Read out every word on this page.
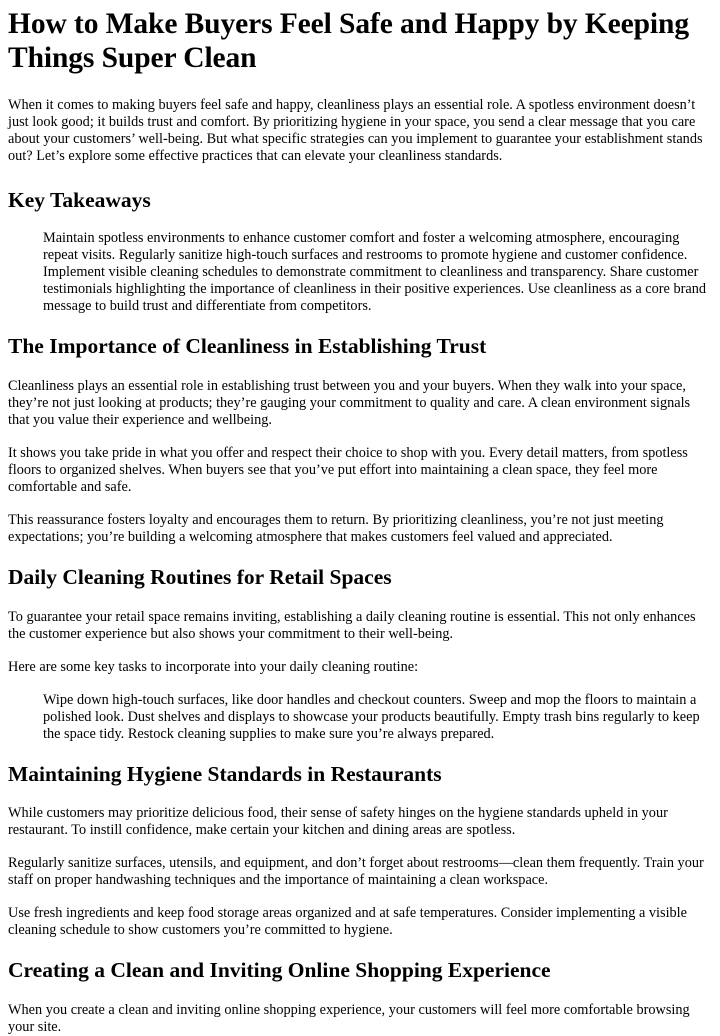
How to Make Buyers Feel Safe and Happy by Keeping Things Super Clean

When it comes to making buyers feel safe and happy, cleanliness plays an essential role. A spotless environment doesn’t just look good; it builds trust and comfort. By prioritizing hygiene in your space, you send a clear message that you care about your customers’ well-being. But what specific strategies can you implement to guarantee your establishment stands out? Let’s explore some effective practices that can elevate your cleanliness standards.

Key Takeaways

Maintain spotless environments to enhance customer comfort and foster a welcoming atmosphere, encouraging repeat visits. Regularly sanitize high-touch surfaces and restrooms to promote hygiene and customer confidence. Implement visible cleaning schedules to demonstrate commitment to cleanliness and transparency. Share customer testimonials highlighting the importance of cleanliness in their positive experiences. Use cleanliness as a core brand message to build trust and differentiate from competitors.

The Importance of Cleanliness in Establishing Trust

Cleanliness plays an essential role in establishing trust between you and your buyers. When they walk into your space, they’re not just looking at products; they’re gauging your commitment to quality and care. A clean environment signals that you value their experience and wellbeing.

It shows you take pride in what you offer and respect their choice to shop with you. Every detail matters, from spotless floors to organized shelves. When buyers see that you’ve put effort into maintaining a clean space, they feel more comfortable and safe.

This reassurance fosters loyalty and encourages them to return. By prioritizing cleanliness, you’re not just meeting expectations; you’re building a welcoming atmosphere that makes customers feel valued and appreciated.

Daily Cleaning Routines for Retail Spaces

To guarantee your retail space remains inviting, establishing a daily cleaning routine is essential. This not only enhances the customer experience but also shows your commitment to their well-being.

Here are some key tasks to incorporate into your daily cleaning routine:

Wipe down high-touch surfaces, like door handles and checkout counters. Sweep and mop the floors to maintain a polished look. Dust shelves and displays to showcase your products beautifully. Empty trash bins regularly to keep the space tidy. Restock cleaning supplies to make sure you’re always prepared.

Maintaining Hygiene Standards in Restaurants

While customers may prioritize delicious food, their sense of safety hinges on the hygiene standards upheld in your restaurant. To instill confidence, make certain your kitchen and dining areas are spotless.

Regularly sanitize surfaces, utensils, and equipment, and don’t forget about restrooms—clean them frequently. Train your staff on proper handwashing techniques and the importance of maintaining a clean workspace.

Use fresh ingredients and keep food storage areas organized and at safe temperatures. Consider implementing a visible cleaning schedule to show customers you’re committed to hygiene.

Creating a Clean and Inviting Online Shopping Experience

When you create a clean and inviting online shopping experience, your customers will feel more comfortable browsing your site.
